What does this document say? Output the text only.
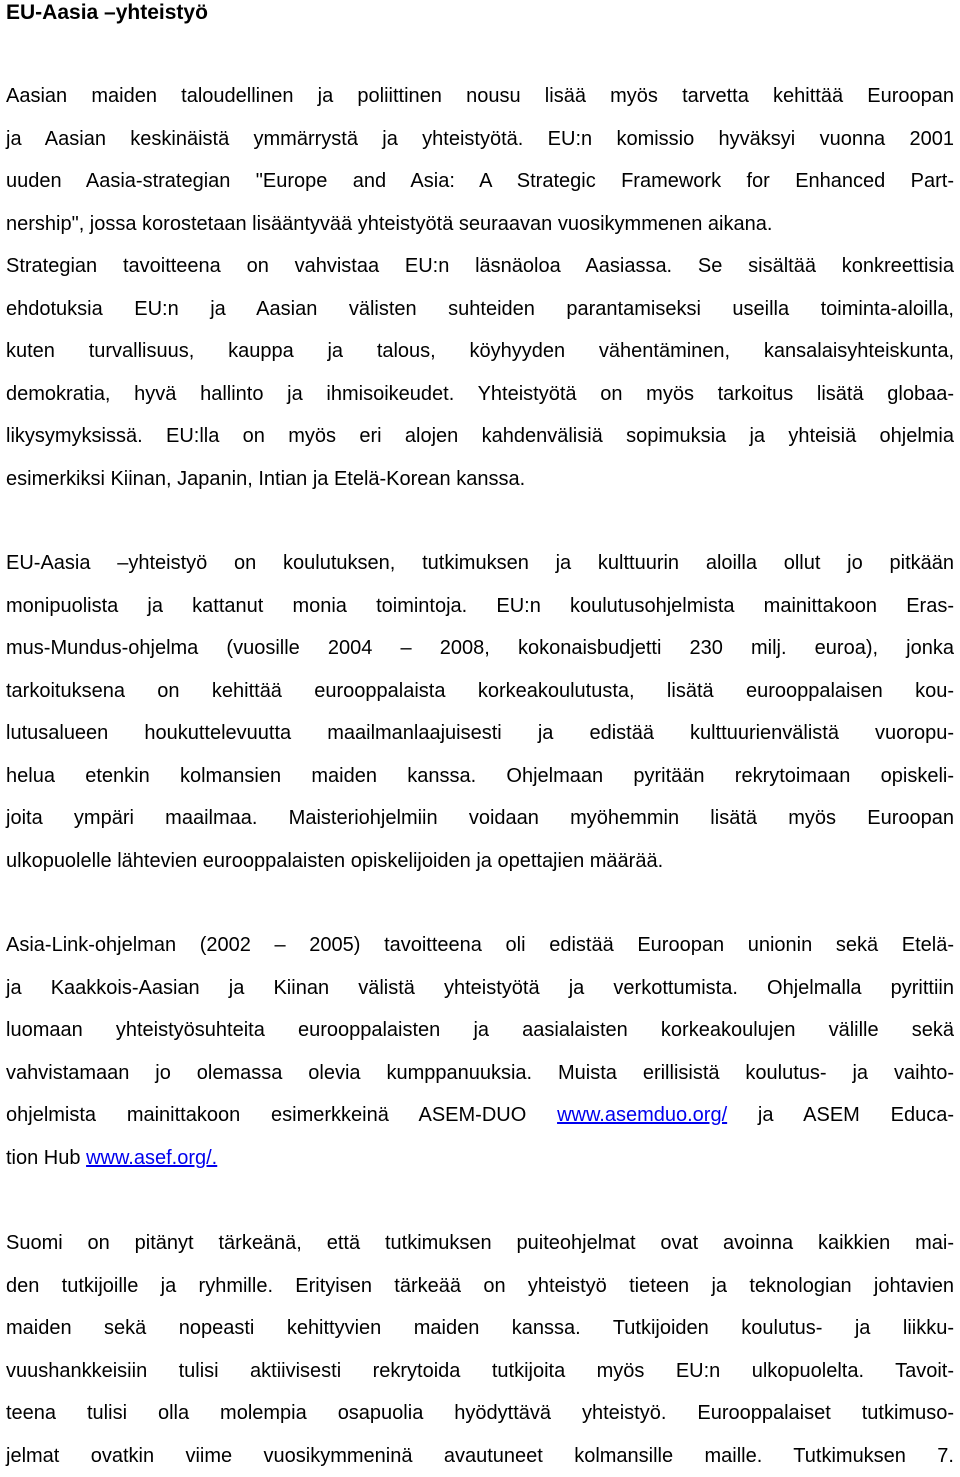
EU-Aasia –yhteistyö
Aasian maiden taloudellinen ja poliittinen nousu lisää myös tarvetta kehittää Euroopan
ja Aasian keskinäistä ymmärrystä ja yhteistyötä. EU:n komissio hyväksyi vuonna 2001
uuden Aasia-strategian "Europe and Asia: A Strategic Framework for Enhanced Part-
nership", jossa korostetaan lisääntyvää yhteistyötä seuraavan vuosikymmenen aikana.
Strategian tavoitteena on vahvistaa EU:n läsnäoloa Aasiassa. Se sisältää konkreettisia
ehdotuksia EU:n ja Aasian välisten suhteiden parantamiseksi useilla toiminta-aloilla,
kuten turvallisuus, kauppa ja talous, köyhyyden vähentäminen, kansalaisyhteiskunta,
demokratia, hyvä hallinto ja ihmisoikeudet. Yhteistyötä on myös tarkoitus lisätä globaa-
likysymyksissä. EU:lla on myös eri alojen kahdenvälisiä sopimuksia ja yhteisiä ohjelmia
esimerkiksi Kiinan, Japanin, Intian ja Etelä-Korean kanssa.
EU-Aasia –yhteistyö on koulutuksen, tutkimuksen ja kulttuurin aloilla ollut jo pitkään
monipuolista ja kattanut monia toimintoja. EU:n koulutusohjelmista mainittakoon Eras-
mus-Mundus-ohjelma (vuosille 2004 – 2008, kokonaisbudjetti 230 milj. euroa), jonka
tarkoituksena on kehittää eurooppalaista korkeakoulutusta, lisätä eurooppalaisen kou-
lutusalueen houkuttelevuutta maailmanlaajuisesti ja edistää kulttuurienvälistä vuoropu-
helua etenkin kolmansien maiden kanssa. Ohjelmaan pyritään rekrytoimaan opiskeli-
joita ympäri maailmaa. Maisteriohjelmiin voidaan myöhemmin lisätä myös Euroopan
ulkopuolelle lähtevien eurooppalaisten opiskelijoiden ja opettajien määrää.
Asia-Link-ohjelman (2002 – 2005) tavoitteena oli edistää Euroopan unionin sekä Etelä-
ja Kaakkois-Aasian ja Kiinan välistä yhteistyötä ja verkottumista. Ohjelmalla pyrittiin
luomaan yhteistyösuhteita eurooppalaisten ja aasialaisten korkeakoulujen välille sekä
vahvistamaan jo olemassa olevia kumppanuuksia. Muista erillisistä koulutus- ja vaihto-
ohjelmista mainittakoon esimerkkeinä ASEM-DUO www.asemduo.org/ ja ASEM Educa-
tion Hub www.asef.org/.
Suomi on pitänyt tärkeänä, että tutkimuksen puiteohjelmat ovat avoinna kaikkien mai-
den tutkijoille ja ryhmille. Erityisen tärkeää on yhteistyö tieteen ja teknologian johtavien
maiden sekä nopeasti kehittyvien maiden kanssa. Tutkijoiden koulutus- ja liikku-
vuushankkeisiin tulisi aktiivisesti rekrytoida tutkijoita myös EU:n ulkopuolelta. Tavoit-
teena tulisi olla molempia osapuolia hyödyttävä yhteistyö. Eurooppalaiset tutkimuso-
jelmat ovatkin viime vuosikymmeninä avautuneet kolmansille maille. Tutkimuksen 7.
